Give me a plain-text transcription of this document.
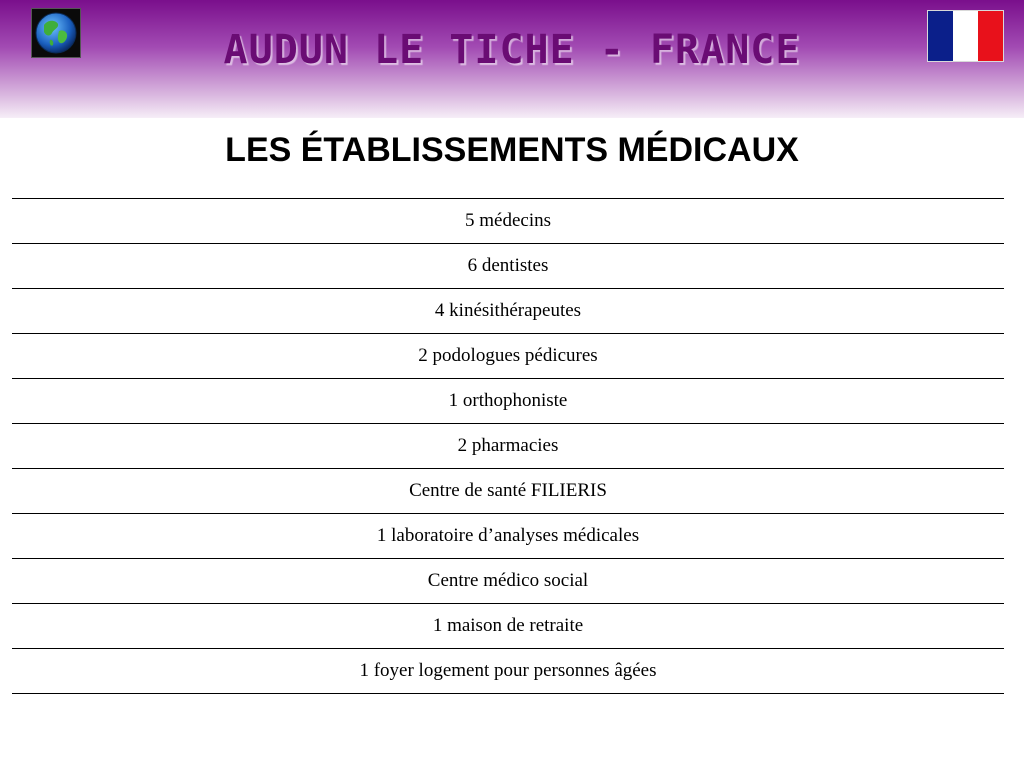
AUDUN LE TICHE - FRANCE
LES ÉTABLISSEMENTS MÉDICAUX
5 médecins
6 dentistes
4 kinésithérapeutes
2 podologues pédicures
1 orthophoniste
2 pharmacies
Centre de santé FILIERIS
1 laboratoire d’analyses médicales
Centre médico social
1 maison de retraite
1 foyer logement pour personnes âgées
